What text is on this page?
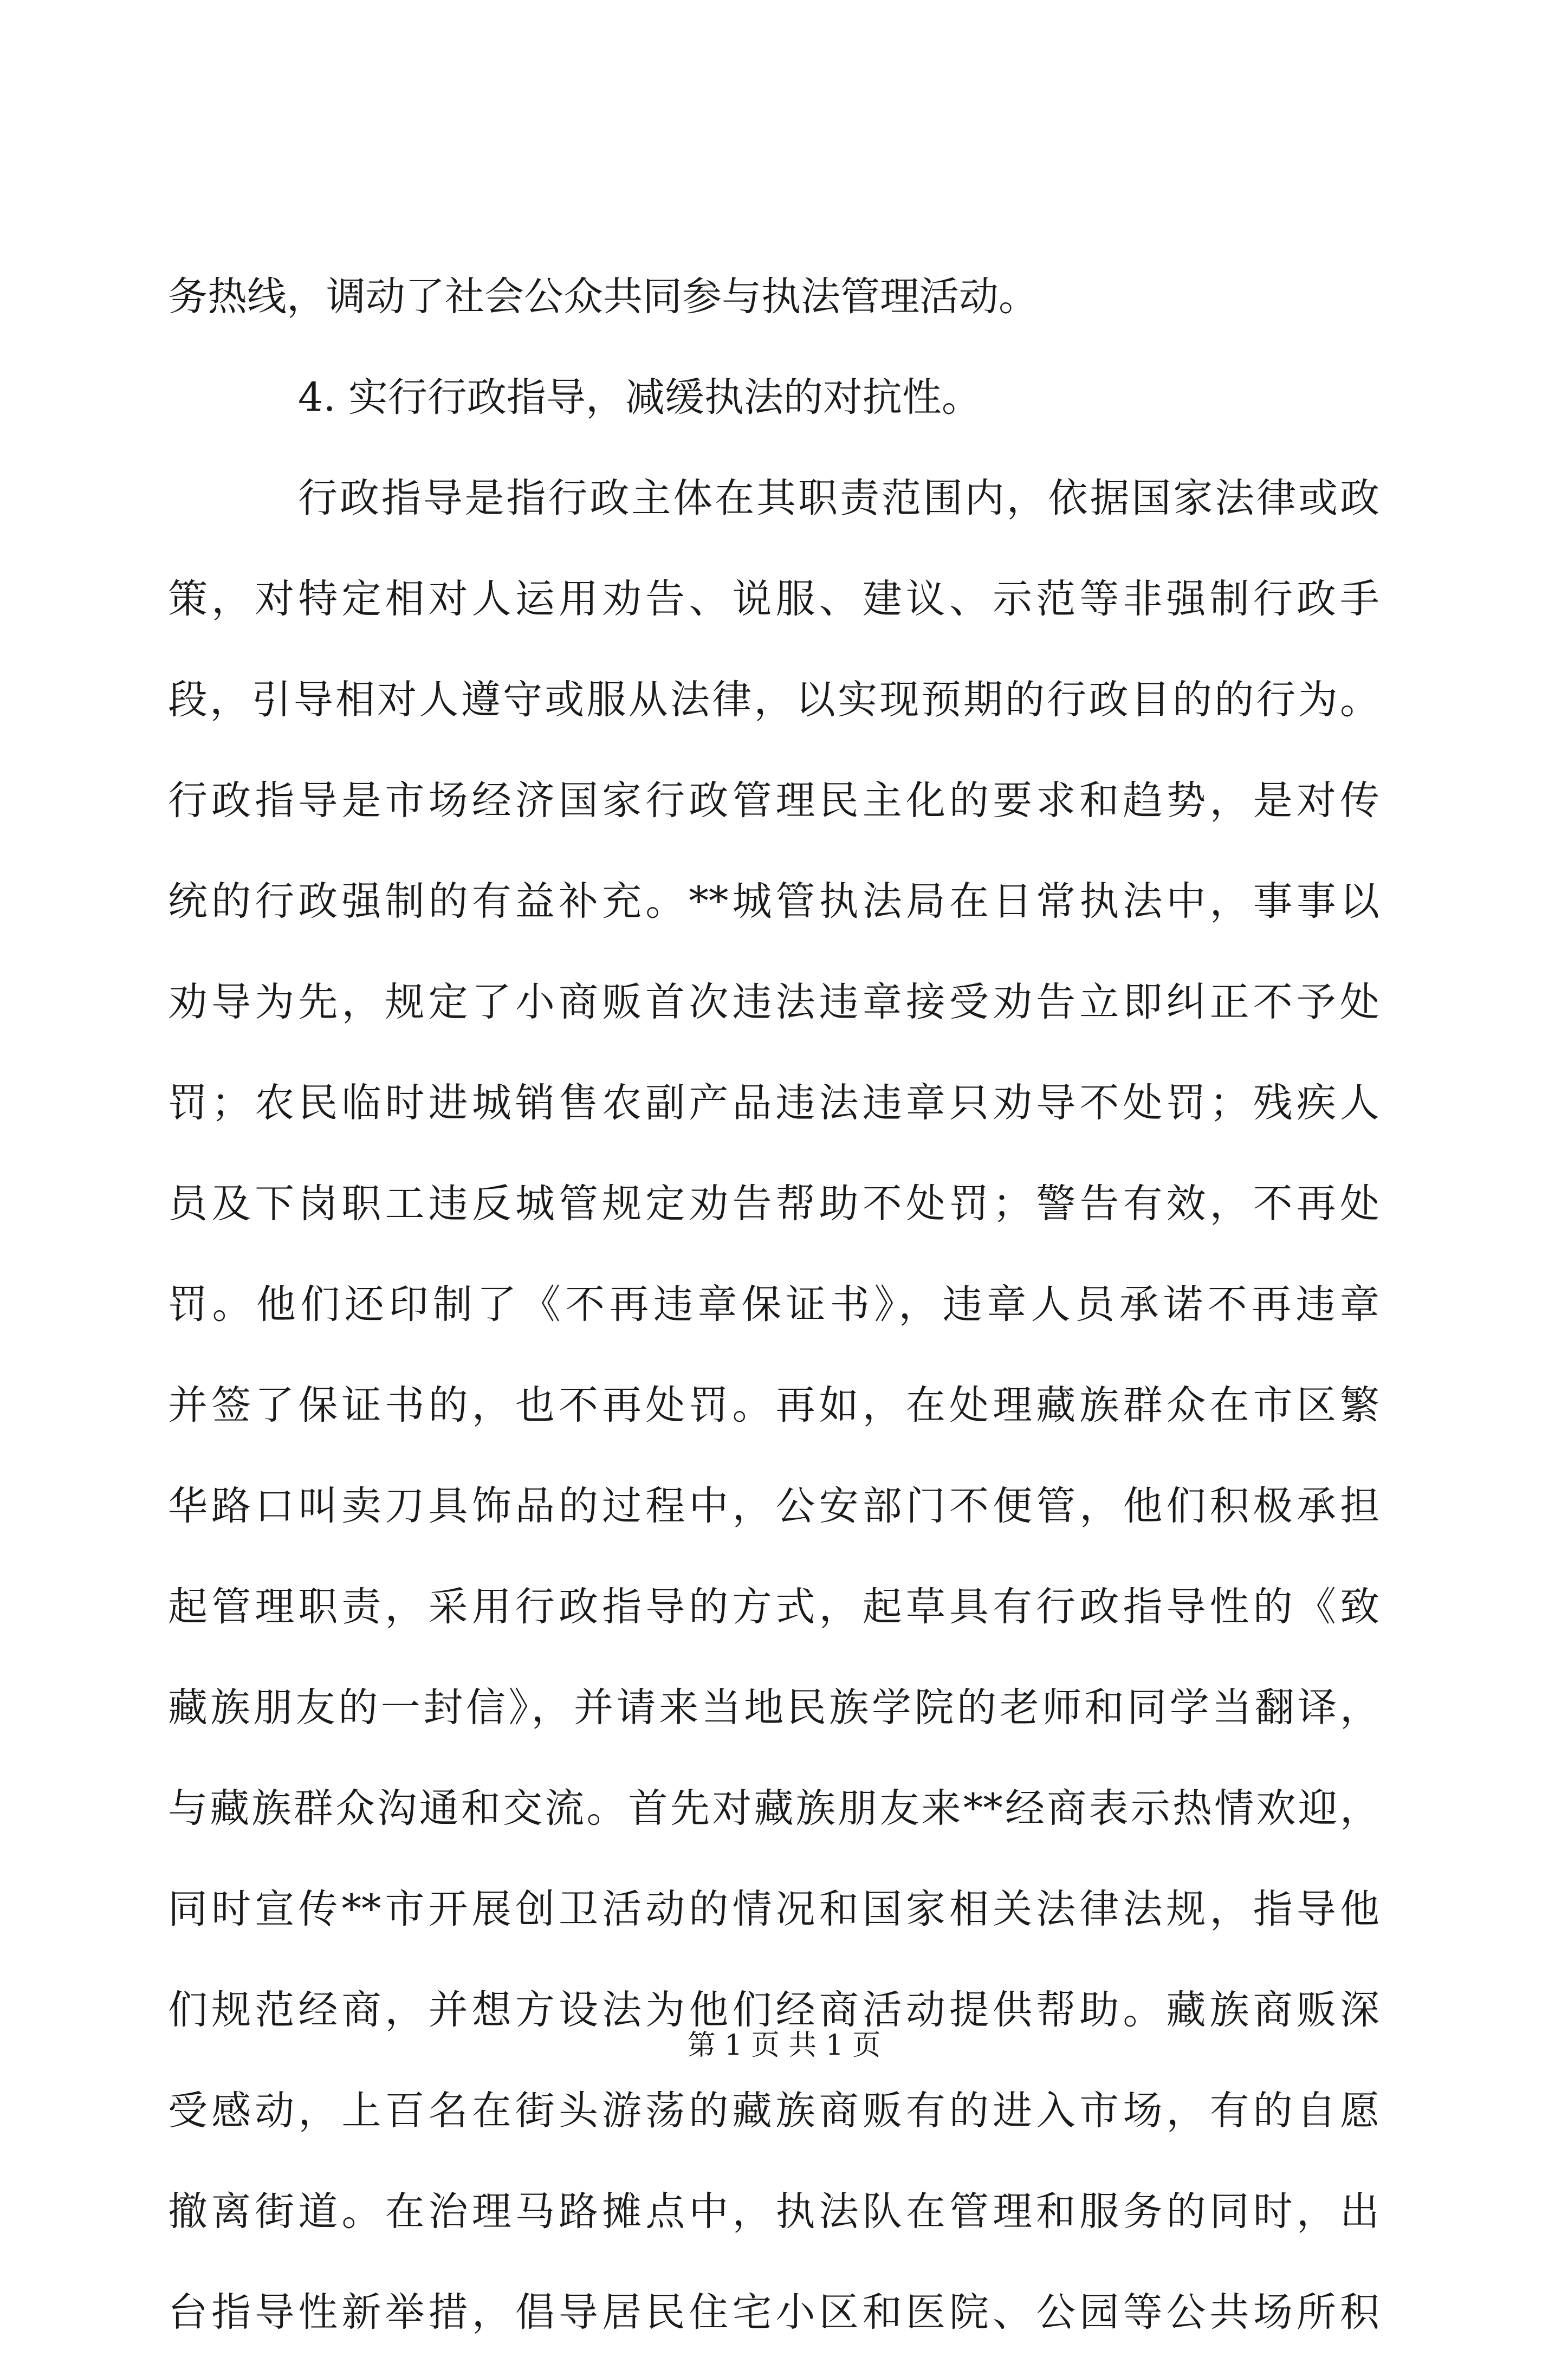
务热线，调动了社会公众共同参与执法管理活动。
4. 实行行政指导，减缓执法的对抗性。
行政指导是指行政主体在其职责范围内，依据国家法律或政
策，对特定相对人运用劝告、说服、建议、示范等非强制行政手
段，引导相对人遵守或服从法律，以实现预期的行政目的的行为。
行政指导是市场经济国家行政管理民主化的要求和趋势，是对传
统的行政强制的有益补充。**城管执法局在日常执法中，事事以
劝导为先，规定了小商贩首次违法违章接受劝告立即纠正不予处
罚；农民临时进城销售农副产品违法违章只劝导不处罚；残疾人
员及下岗职工违反城管规定劝告帮助不处罚；警告有效，不再处
罚。他们还印制了《不再违章保证书》，违章人员承诺不再违章
并签了保证书的，也不再处罚。再如，在处理藏族群众在市区繁
华路口叫卖刀具饰品的过程中，公安部门不便管，他们积极承担
起管理职责，采用行政指导的方式，起草具有行政指导性的《致
藏族朋友的一封信》，并请来当地民族学院的老师和同学当翻译，
与藏族群众沟通和交流。首先对藏族朋友来**经商表示热情欢迎，
同时宣传**市开展创卫活动的情况和国家相关法律法规，指导他
们规范经商，并想方设法为他们经商活动提供帮助。藏族商贩深
受感动，上百名在街头游荡的藏族商贩有的进入市场，有的自愿
撤离街道。在治理马路摊点中，执法队在管理和服务的同时，出
台指导性新举措，倡导居民住宅小区和医院、公园等公共场所积
第 1 页 共 1 页
